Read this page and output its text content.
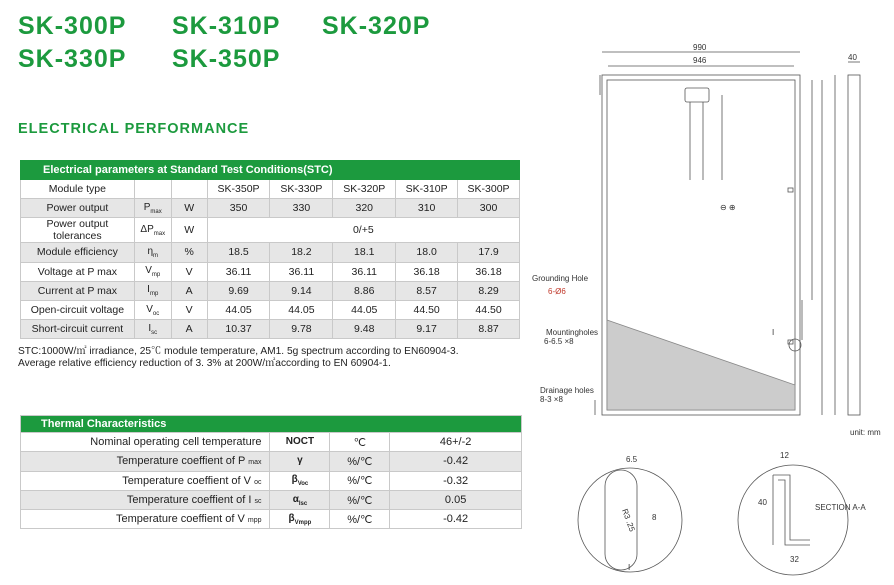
SK-300P SK-310P SK-320P
SK-330P SK-350P
ELECTRICAL PERFORMANCE
Electrical parameters at Standard Test Conditions(STC)							
Module type			SK-350P	SK-330P	SK-320P	SK-310P	SK-300P
Power output	$P_{max}$	W	350	330	320	310	300
Power output tolerances	$\Delta P_{max}$	W	0/+5				
Module efficiency	$\eta_m$	%	18.5	18.2	18.1	18.0	17.9
Voltage at P max	$V_{mp}$	V	36.11	36.11	36.11	36.18	36.18
Current at P max	$I_{mp}$	A	9.69	9.14	8.86	8.57	8.29
Open-circuit voltage	$V_{oc}$	V	44.05	44.05	44.05	44.50	44.50
Short-circuit current	$I_{sc}$	A	10.37	9.78	9.48	9.17	8.87
STC:1000W/㎡ irradiance, 25℃ module temperature, AM1. 5g spectrum according to EN60904-3.
Average relative efficiency reduction of 3. 3% at 200W/㎡according to EN 60904-1.
Thermal Characteristics			
Nominal operating cell temperature	NOCT	℃	46+/-2
Temperature coeffient of P max	γ	%/℃	-0.42
Temperature coeffient of V oc	$\beta_{Voc}$	%/℃	-0.32
Temperature coeffient of I sc	$\alpha_{Isc}$	%/℃	0.05
Temperature coeffient of V mpp	$\beta_{Vmpp}$	%/℃	-0.42
990
946	40
⊖ ⊕
I
unit: mm
6.5	12
40
32
SECTION A-A
I
8
R3 .25
Grounding Hole
6-Ø6
Mountingholes
6-6.5 ×8
Drainage holes
8-3 ×8
